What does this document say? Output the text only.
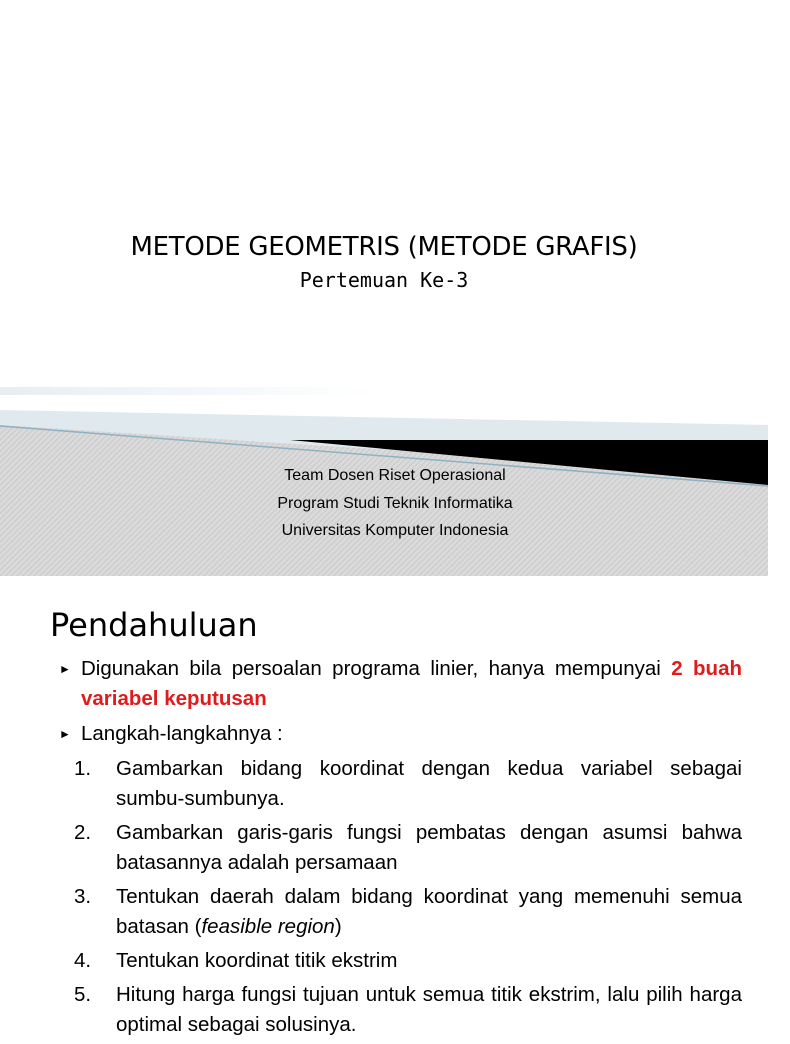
METODE GEOMETRIS (METODE GRAFIS)
Pertemuan Ke-3
Team Dosen Riset Operasional
Program Studi Teknik Informatika
Universitas Komputer Indonesia
1
Pendahuluan
► Digunakan bila persoalan programa linier, hanya mempunyai 2 buah variabel keputusan
► Langkah-langkahnya :
1. Gambarkan bidang koordinat dengan kedua variabel sebagai sumbu-sumbunya.
2. Gambarkan garis-garis fungsi pembatas dengan asumsi bahwa batasannya adalah persamaan
3. Tentukan daerah dalam bidang koordinat yang memenuhi semua batasan (feasible region)
4. Tentukan koordinat titik ekstrim
5. Hitung harga fungsi tujuan untuk semua titik ekstrim, lalu pilih harga optimal sebagai solusinya.
